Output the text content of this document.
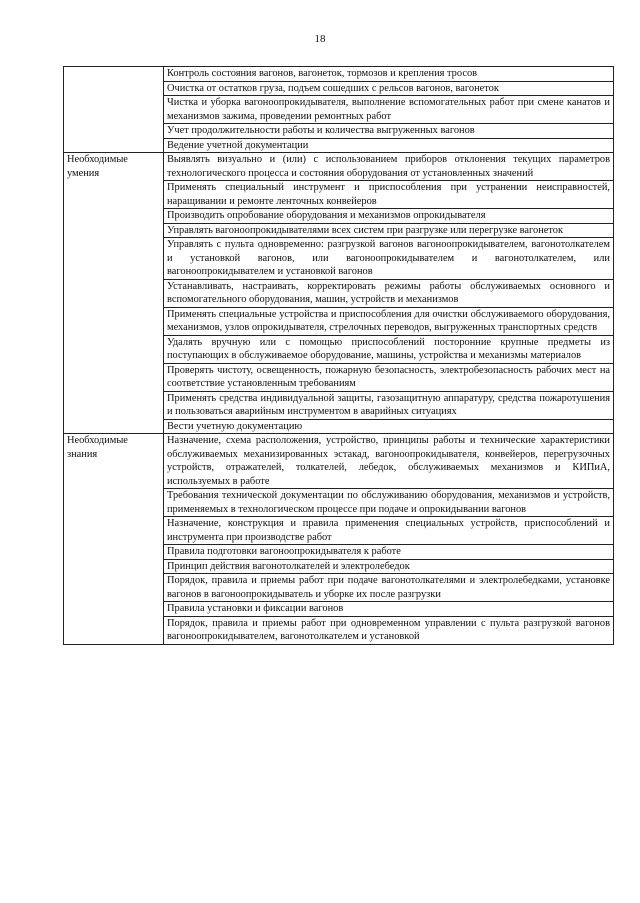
18
	Контроль состояния вагонов, вагонеток, тормозов и крепления тросов
	Очистка от остатков груза, подъем сошедших с рельсов вагонов, вагонеток
	Чистка и уборка вагоноопрокидывателя, выполнение вспомогательных работ при смене канатов и механизмов зажима, проведении ремонтных работ
	Учет продолжительности работы и количества выгруженных вагонов
	Ведение учетной документации
Необходимые умения	Выявлять визуально и (или) с использованием приборов отклонения текущих параметров технологического процесса и состояния оборудования от установленных значений
	Применять специальный инструмент и приспособления при устранении неисправностей, наращивании и ремонте ленточных конвейеров
	Производить опробование оборудования и механизмов опрокидывателя
	Управлять вагоноопрокидывателями всех систем при разгрузке или перегрузке вагонеток
	Управлять с пульта одновременно: разгрузкой вагонов вагоноопрокидывателем, вагонотолкателем и установкой вагонов, или вагоноопрокидывателем и вагонотолкателем, или вагоноопрокидывателем и установкой вагонов
	Устанавливать, настраивать, корректировать режимы работы обслуживаемых основного и вспомогательного оборудования, машин, устройств и механизмов
	Применять специальные устройства и приспособления для очистки обслуживаемого оборудования, механизмов, узлов опрокидывателя, стрелочных переводов, выгруженных транспортных средств
	Удалять вручную или с помощью приспособлений посторонние крупные предметы из поступающих в обслуживаемое оборудование, машины, устройства и механизмы материалов
	Проверять чистоту, освещенность, пожарную безопасность, электробезопасность рабочих мест на соответствие установленным требованиям
	Применять средства индивидуальной защиты, газозащитную аппаратуру, средства пожаротушения и пользоваться аварийным инструментом в аварийных ситуациях
	Вести учетную документацию
Необходимые знания	Назначение, схема расположения, устройство, принципы работы и технические характеристики обслуживаемых механизированных эстакад, вагоноопрокидывателя, конвейеров, перегрузочных устройств, отражателей, толкателей, лебедок, обслуживаемых механизмов и КИПиА, используемых в работе
	Требования технической документации по обслуживанию оборудования, механизмов и устройств, применяемых в технологическом процессе при подаче и опрокидывании вагонов
	Назначение, конструкция и правила применения специальных устройств, приспособлений и инструмента при производстве работ
	Правила подготовки вагоноопрокидывателя к работе
	Принцип действия вагонотолкателей и электролебедок
	Порядок, правила и приемы работ при подаче вагонотолкателями и электролебедками, установке вагонов в вагоноопрокидыватель и уборке их после разгрузки
	Правила установки и фиксации вагонов
	Порядок, правила и приемы работ при одновременном управлении с пульта разгрузкой вагонов вагоноопрокидывателем, вагонотолкателем и установкой
